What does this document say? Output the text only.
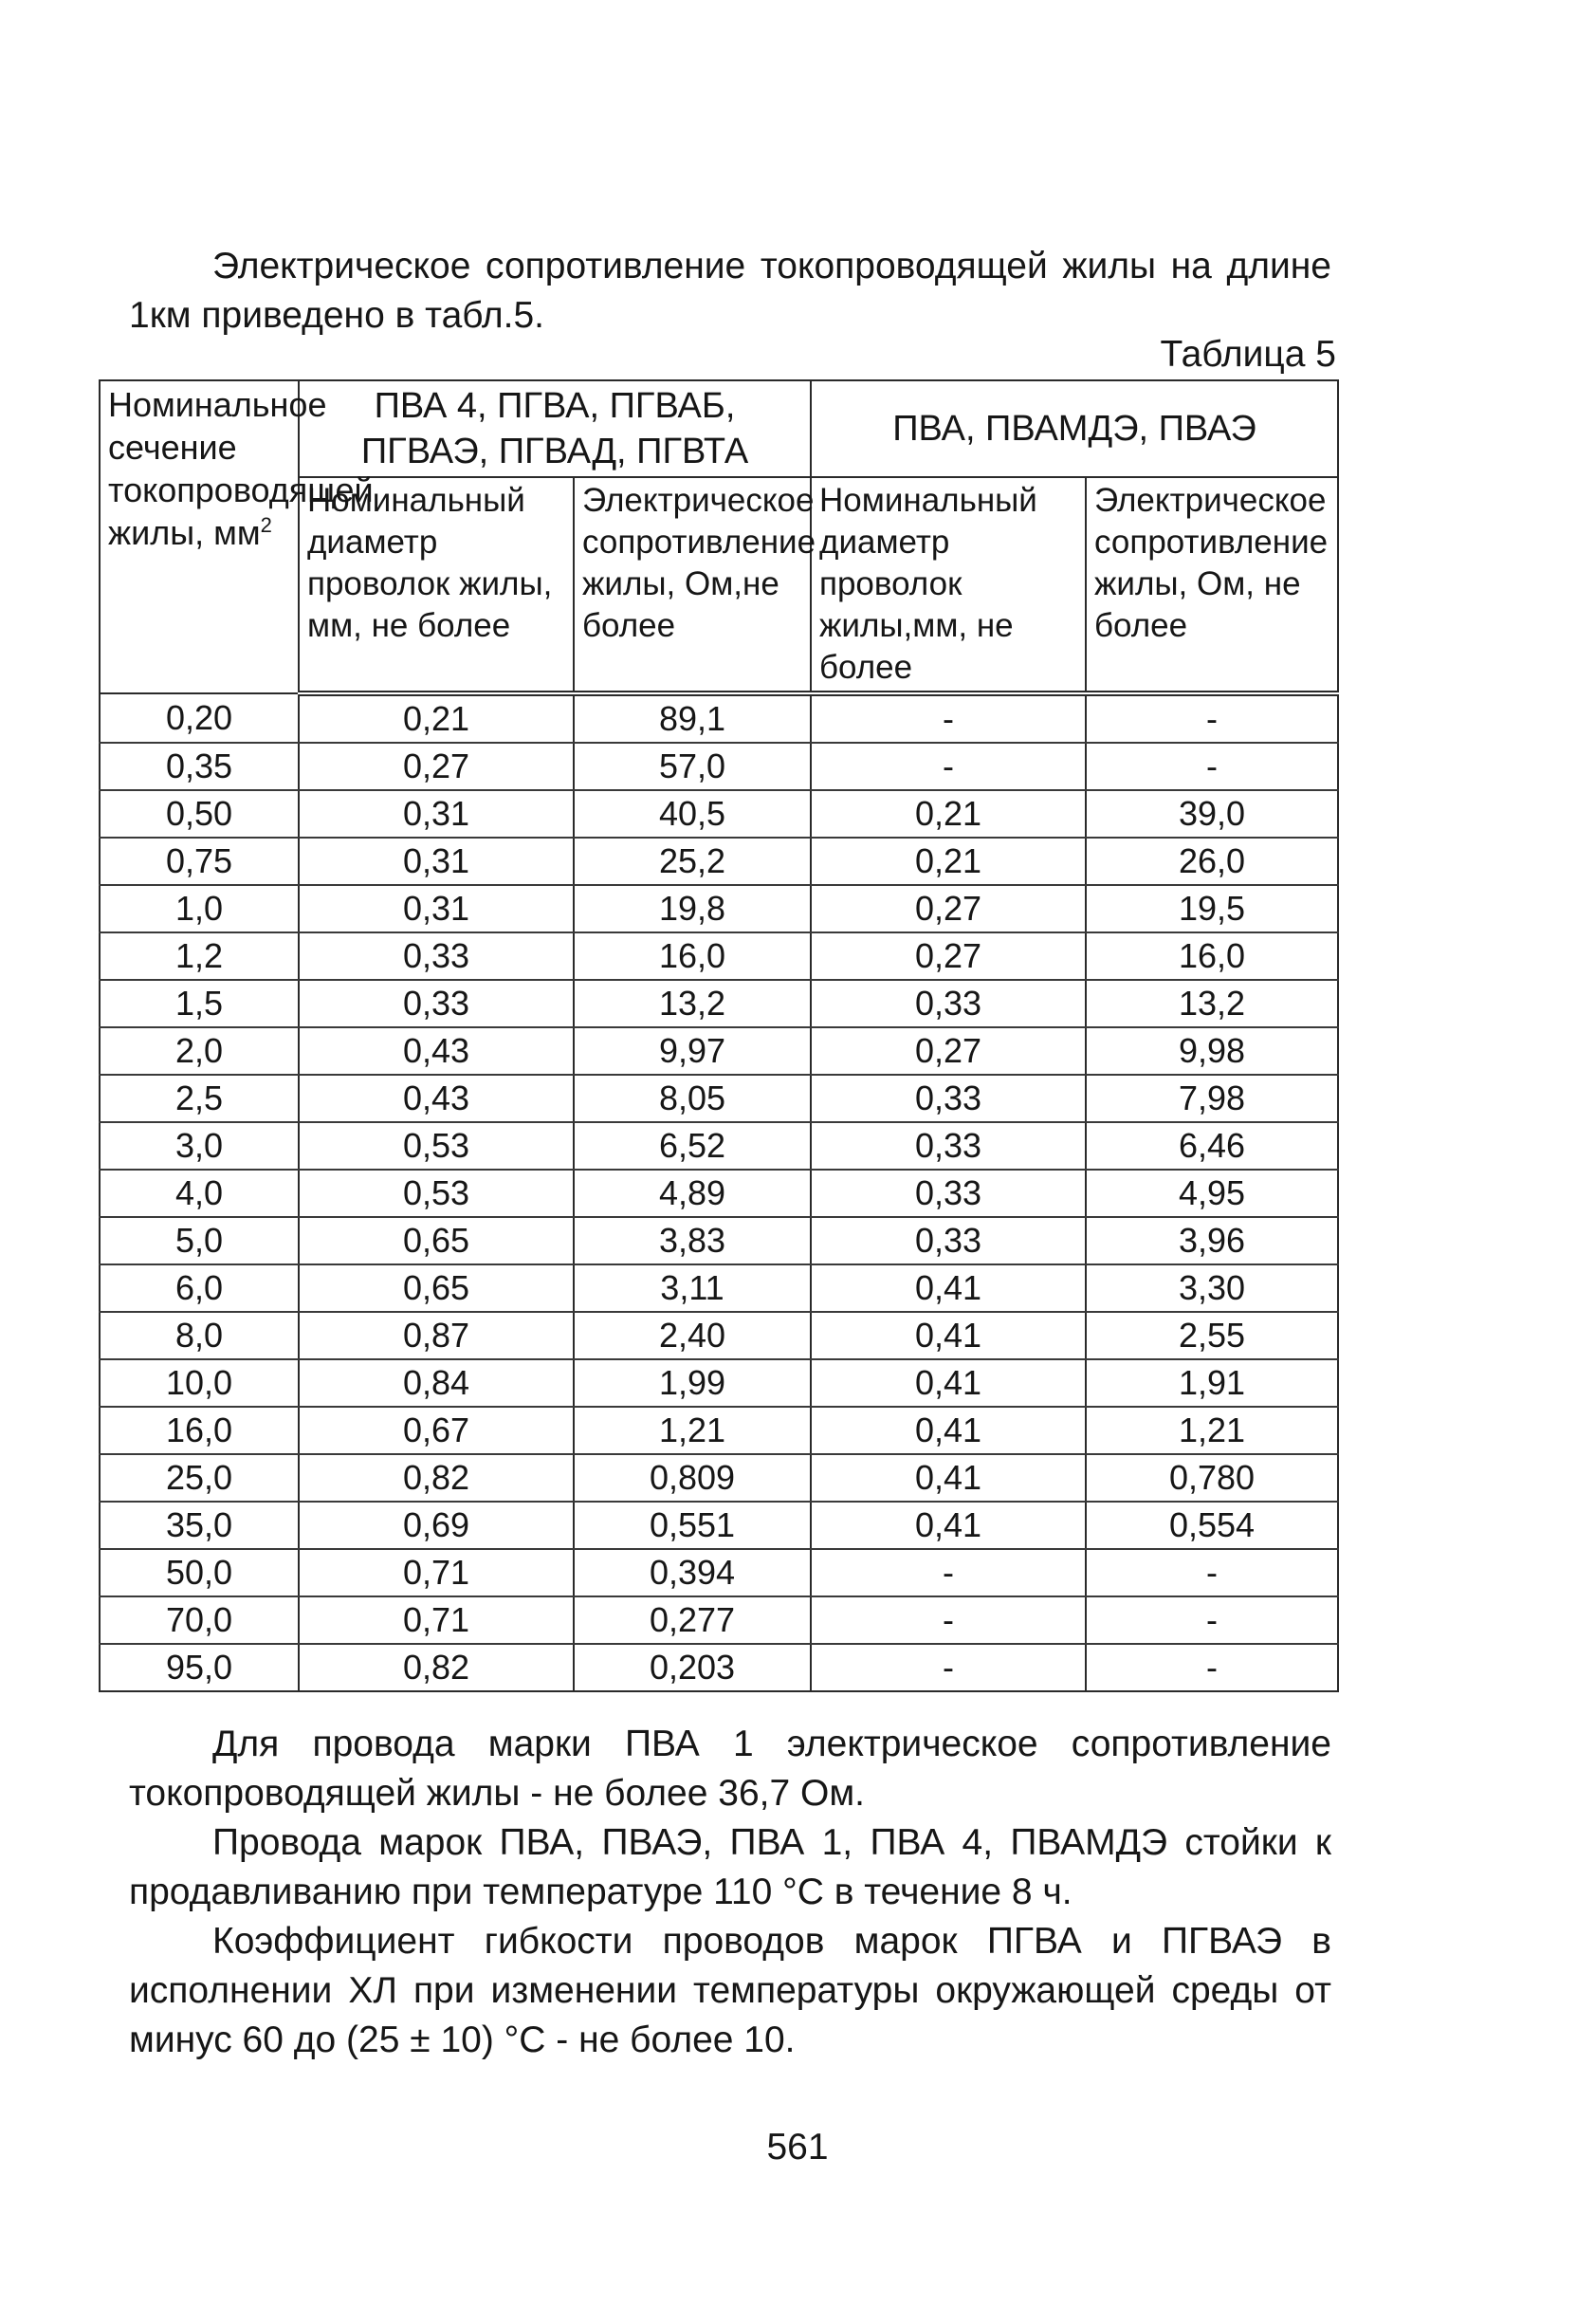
Электрическое сопротивление токопроводящей жилы на длине 1км приведено в табл.5.

Таблица 5
Номинальное сечение токопроводящей жилы, $мм^2$	ПВА 4, ПГВА, ПГВАБ, ПГВАЭ, ПГВАД, ПГВТА		ПВА, ПВАМДЭ, ПВАЭ	
	Номинальный диаметр проволок жилы, мм, не более	Электрическое сопротивление жилы, Ом,не более	Номинальный диаметр проволок жилы,мм, не более	Электрическое сопротивление жилы, Ом, не более
0,20	0,21	89,1	-	-
0,35	0,27	57,0	-	-
0,50	0,31	40,5	0,21	39,0
0,75	0,31	25,2	0,21	26,0
1,0	0,31	19,8	0,27	19,5
1,2	0,33	16,0	0,27	16,0
1,5	0,33	13,2	0,33	13,2
2,0	0,43	9,97	0,27	9,98
2,5	0,43	8,05	0,33	7,98
3,0	0,53	6,52	0,33	6,46
4,0	0,53	4,89	0,33	4,95
5,0	0,65	3,83	0,33	3,96
6,0	0,65	3,11	0,41	3,30
8,0	0,87	2,40	0,41	2,55
10,0	0,84	1,99	0,41	1,91
16,0	0,67	1,21	0,41	1,21
25,0	0,82	0,809	0,41	0,780
35,0	0,69	0,551	0,41	0,554
50,0	0,71	0,394	-	-
70,0	0,71	0,277	-	-
95,0	0,82	0,203	-	-

Для провода марки ПВА 1 электрическое сопротивление токопроводящей жилы - не более 36,7 Ом.

Провода марок ПВА, ПВАЭ, ПВА 1, ПВА 4, ПВАМДЭ стойки к продавливанию при температуре 110 °С в течение 8 ч.

Коэффициент гибкости проводов марок ПГВА и ПГВАЭ в исполнении ХЛ при изменении температуры окружающей среды от минус 60 до (25 ± 10) °С - не более 10.

561
